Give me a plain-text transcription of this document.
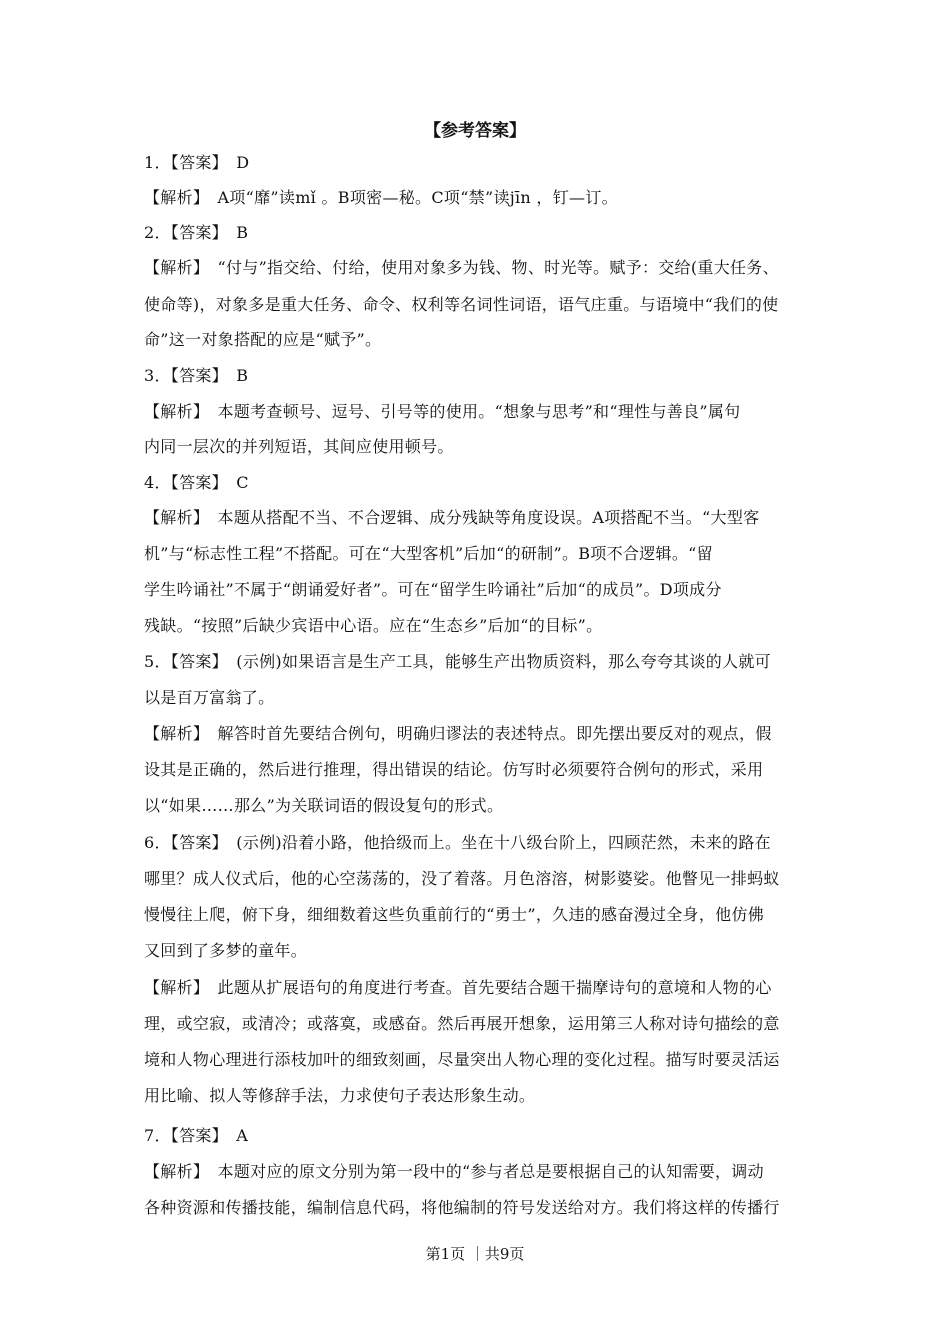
【参考答案】
1．【答案】　D
【解析】　A项“靡”读mǐ 。B项密—秘。C项“禁”读jīn ，钉—订。
2．【答案】　B
【解析】　“付与”指交给、付给，使用对象多为钱、物、时光等。赋予：交给(重大任务、
使命等)，对象多是重大任务、命令、权利等名词性词语，语气庄重。与语境中“我们的使
命”这一对象搭配的应是“赋予”。
3．【答案】　B
【解析】　本题考查顿号、逗号、引号等的使用。“想象与思考”和“理性与善良”属句
内同一层次的并列短语，其间应使用顿号。
4．【答案】　C
【解析】　本题从搭配不当、不合逻辑、成分残缺等角度设误。A项搭配不当。“大型客
机”与“标志性工程”不搭配。可在“大型客机”后加“的研制”。B项不合逻辑。“留
学生吟诵社”不属于“朗诵爱好者”。可在“留学生吟诵社”后加“的成员”。D项成分
残缺。“按照”后缺少宾语中心语。应在“生态乡”后加“的目标”。
5．【答案】　(示例)如果语言是生产工具，能够生产出物质资料，那么夸夸其谈的人就可
以是百万富翁了。
【解析】　解答时首先要结合例句，明确归谬法的表述特点。即先摆出要反对的观点，假
设其是正确的，然后进行推理，得出错误的结论。仿写时必须要符合例句的形式，采用
以“如果……那么”为关联词语的假设复句的形式。
6．【答案】　(示例)沿着小路，他拾级而上。坐在十八级台阶上，四顾茫然，未来的路在
哪里？成人仪式后，他的心空荡荡的，没了着落。月色溶溶，树影婆娑。他瞥见一排蚂蚁
慢慢往上爬，俯下身，细细数着这些负重前行的“勇士”，久违的感奋漫过全身，他仿佛
又回到了多梦的童年。
【解析】　此题从扩展语句的角度进行考查。首先要结合题干揣摩诗句的意境和人物的心
理，或空寂，或清冷；或落寞，或感奋。然后再展开想象，运用第三人称对诗句描绘的意
境和人物心理进行添枝加叶的细致刻画，尽量突出人物心理的变化过程。描写时要灵活运
用比喻、拟人等修辞手法，力求使句子表达形象生动。
7．【答案】　A
【解析】　本题对应的原文分别为第一段中的“参与者总是要根据自己的认知需要，调动
各种资源和传播技能，编制信息代码，将他编制的符号发送给对方。我们将这样的传播行
第1页 ｜共9页
